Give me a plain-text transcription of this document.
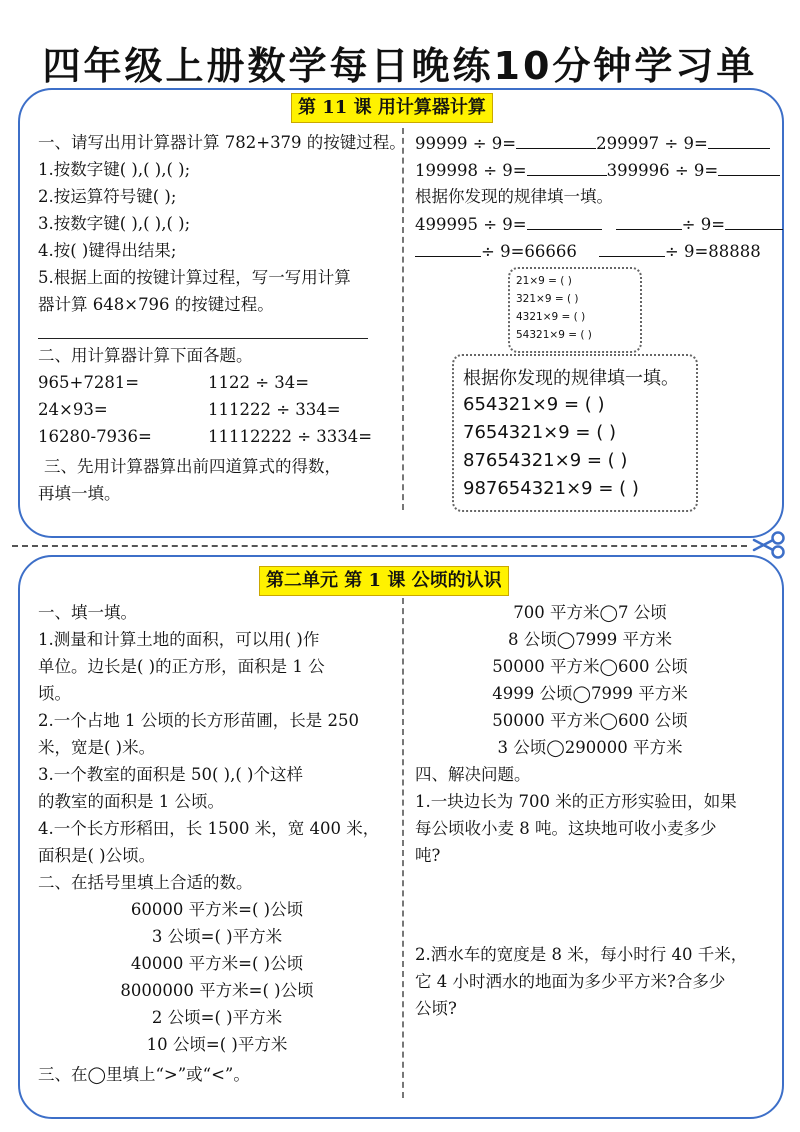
四年级上册数学每日晚练10分钟学习单
第 11 课 用计算器计算
一、请写出用计算器计算 782+379 的按键过程。
1.按数字键( ),( ),( );
2.按运算符号键( );
3.按数字键( ),( ),( );
4.按( )键得出结果;
5.根据上面的按键计算过程，写一写用计算
器计算 648×796 的按键过程。
二、用计算器计算下面各题。
965+7281=	1122 ÷ 34=
24×93=	111222 ÷ 334=
16280-7936=	11112222 ÷ 3334=
三、先用计算器算出前四道算式的得数，
再填一填。
99999 ÷ 9=	299997 ÷ 9=
199998 ÷ 9=	399996 ÷ 9=
根据你发现的规律填一填。
499995 ÷ 9=	÷ 9=
÷ 9=66666	÷ 9=88888
21×9 = ( )
321×9 = ( )
4321×9 = ( )
54321×9 = ( )
根据你发现的规律填一填。
654321×9 = ( )
7654321×9 = ( )
87654321×9 = ( )
987654321×9 = ( )
第二单元 第 1 课 公顷的认识
一、填一填。
1.测量和计算土地的面积，可以用( )作
单位。边长是( )的正方形，面积是 1 公
顷。
2.一个占地 1 公顷的长方形苗圃，长是 250
米，宽是( )米。
3.一个教室的面积是 50( ),( )个这样
的教室的面积是 1 公顷。
4.一个长方形稻田，长 1500 米，宽 400 米，
面积是( )公顷。
二、在括号里填上合适的数。
60000 平方米=( )公顷
3 公顷=( )平方米
40000 平方米=( )公顷
8000000 平方米=( )公顷
2 公顷=( )平方米
10 公顷=( )平方米
三、在◯里填上“>”或“<”。
700 平方米◯7 公顷
8 公顷◯7999 平方米
50000 平方米◯600 公顷
4999 公顷◯7999 平方米
50000 平方米◯600 公顷
3 公顷◯290000 平方米
四、解决问题。
1.一块边长为 700 米的正方形实验田，如果
每公顷收小麦 8 吨。这块地可收小麦多少
吨?
2.洒水车的宽度是 8 米，每小时行 40 千米，
它 4 小时洒水的地面为多少平方米?合多少
公顷?
